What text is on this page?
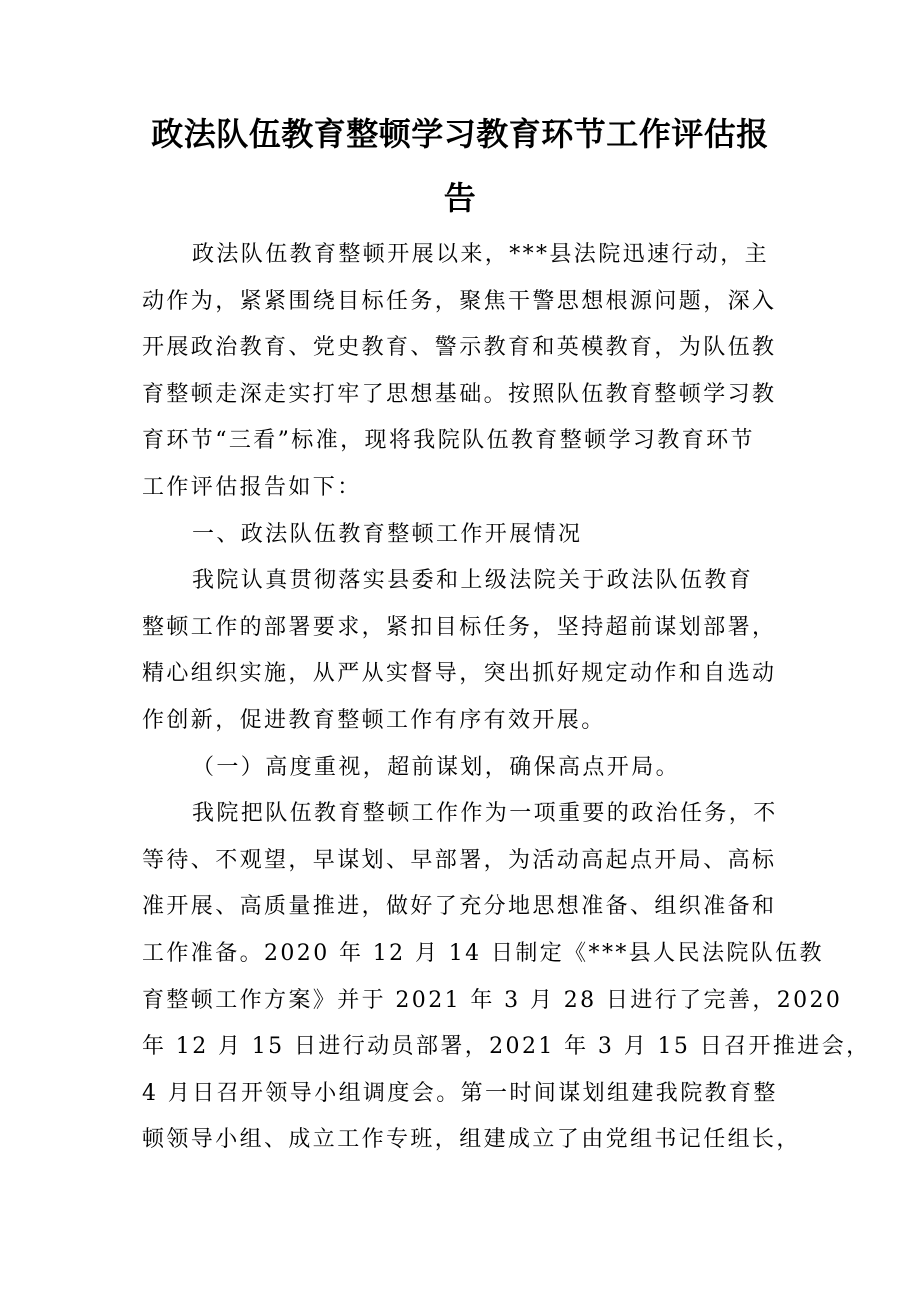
政法队伍教育整顿学习教育环节工作评估报
告
政法队伍教育整顿开展以来，***县法院迅速行动，主
动作为，紧紧围绕目标任务，聚焦干警思想根源问题，深入
开展政治教育、党史教育、警示教育和英模教育，为队伍教
育整顿走深走实打牢了思想基础。按照队伍教育整顿学习教
育环节“三看”标准，现将我院队伍教育整顿学习教育环节
工作评估报告如下：
一、政法队伍教育整顿工作开展情况
我院认真贯彻落实县委和上级法院关于政法队伍教育
整顿工作的部署要求，紧扣目标任务，坚持超前谋划部署，
精心组织实施，从严从实督导，突出抓好规定动作和自选动
作创新，促进教育整顿工作有序有效开展。
（一）高度重视，超前谋划，确保高点开局。
我院把队伍教育整顿工作作为一项重要的政治任务，不
等待、不观望，早谋划、早部署，为活动高起点开局、高标
准开展、高质量推进，做好了充分地思想准备、组织准备和
工作准备。2020 年 12 月 14 日制定《***县人民法院队伍教
育整顿工作方案》并于 2021 年 3 月 28 日进行了完善，2020
年 12 月 15 日进行动员部署，2021 年 3 月 15 日召开推进会，
4 月日召开领导小组调度会。第一时间谋划组建我院教育整
顿领导小组、成立工作专班，组建成立了由党组书记任组长，
